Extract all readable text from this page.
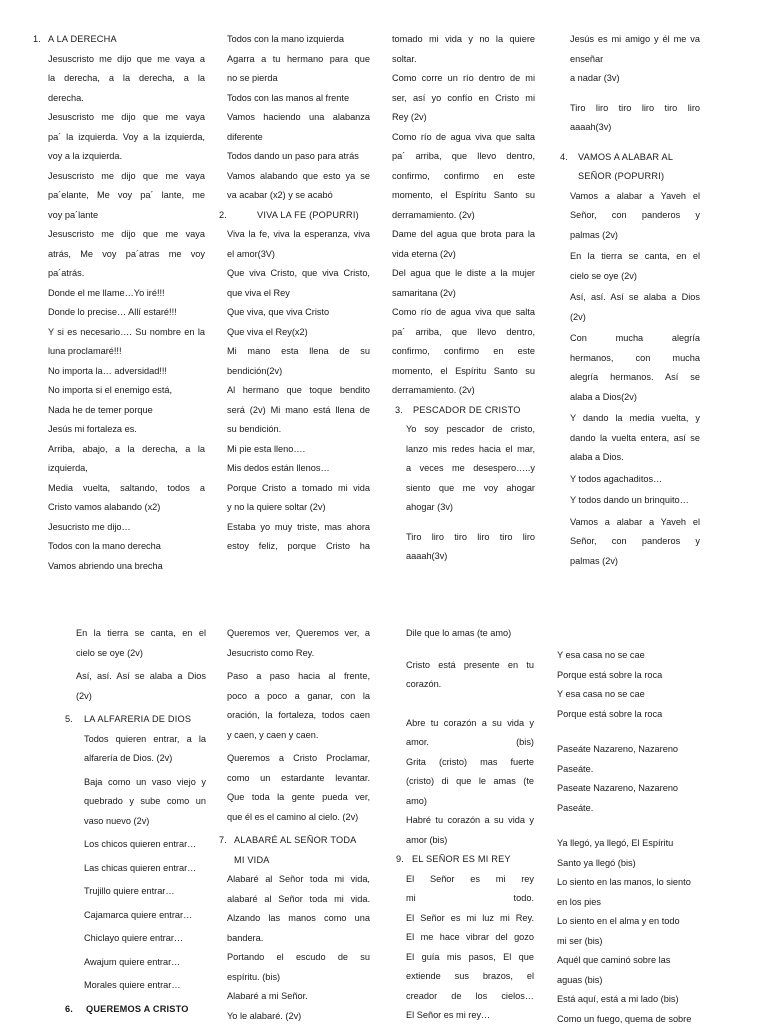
1. A LA DERECHA

Jesuscristo me dijo que me vaya a

la derecha, a la derecha, a la

derecha.

Jesuscristo me dijo que me vaya

pa´ la izquierda. Voy a la izquierda,

voy a la izquierda.

Jesuscristo me dijo que me vaya

pa´elante, Me voy pa´ lante, me

voy pa´lante

Jesuscristo me dijo que me vaya

atrás, Me voy pa´atras me voy

pa´atrás.

Donde el me llame…Yo iré!!!

Donde lo precise… Allí estaré!!!

Y si es necesario…. Su nombre en la

luna proclamaré!!!

No importa la… adversidad!!!

No importa si el enemigo está,

Nada he de temer porque

Jesús mi fortaleza es.

Arriba, abajo, a la derecha, a la

izquierda,

Media vuelta, saltando, todos a

Cristo vamos alabando (x2)

Jesucristo me dijo…

Todos con la mano derecha

Vamos abriendo una brecha

Todos con la mano izquierda

Agarra a tu hermano para que

no se pierda

Todos con las manos al frente

Vamos haciendo una alabanza

diferente

Todos dando un paso para atrás

Vamos alabando que esto ya se

va acabar (x2) y se acabó

2.	VIVA LA FE (POPURRI)

Viva la fe, viva la esperanza, viva

el amor(3V)

Que viva Cristo, que viva Cristo,

que viva el Rey

Que viva, que viva Cristo

Que viva el Rey(x2)

Mi mano esta llena de su

bendición(2v)

Al hermano que toque bendito

será (2v) Mi mano está llena de

su bendición.

Mi pie esta lleno….

Mis dedos están llenos…

Porque Cristo a tomado mi vida

y no la quiere soltar (2v)

Estaba yo muy triste, mas ahora

estoy feliz, porque Cristo ha

tomado mi vida y no la quiere

soltar.

Como corre un río dentro de mi

ser, así yo confío en Cristo mi

Rey (2v)

Como río de agua viva que salta

pa´ arriba, que llevo dentro,

confirmo, confirmo en este

momento, el Espíritu Santo su

derramamiento. (2v)

Dame del agua que brota para la

vida eterna (2v)

Del agua que le diste a la mujer

samaritana (2v)

Como río de agua viva que salta

pa´ arriba, que llevo dentro,

confirmo, confirmo en este

momento, el Espíritu Santo su

derramamiento. (2v)

3. PESCADOR DE CRISTO

Yo soy pescador de cristo,

lanzo mis redes hacia el mar,

a veces me desespero…..y

siento que me voy ahogar

ahogar (3v)

Tiro liro tiro liro tiro liro

aaaah(3v)

Jesús es mi amigo y él me va

enseñar

a nadar (3v)

Tiro liro tiro liro tiro liro

aaaah(3v)

4. VAMOS A ALABAR AL
SEÑOR (POPURRI)

Vamos a alabar a Yaveh el

Señor, con panderos y

palmas (2v)

En la tierra se canta, en el

cielo se oye (2v)

Así, así. Así se alaba a Dios

(2v)

Con mucha alegría

hermanos, con mucha

alegría hermanos. Así se

alaba a Dios(2v)

Y dando la media vuelta, y

dando la vuelta entera, así se

alaba a Dios.

Y todos agachaditos…

Y todos dando un brinquito…

Vamos a alabar a Yaveh el

Señor, con panderos y

palmas (2v)

En la tierra se canta, en el

cielo se oye (2v)

Así, así. Así se alaba a Dios

(2v)

5. LA ALFARERIA DE DIOS

Todos quieren entrar, a la

alfarería de Dios. (2v)

Baja como un vaso viejo y

quebrado y sube como un

vaso nuevo (2v)

Los chicos quieren entrar…

Las chicas quieren entrar…

Trujillo quiere entrar…

Cajamarca quiere entrar…

Chiclayo quiere entrar…

Awajum quiere entrar…

Morales quiere entrar…

6. QUEREMOS A CRISTO

Queremos ver, Queremos ver, a

Jesucristo como Rey.

Paso a paso hacia al frente,

poco a poco a ganar, con la

oración, la fortaleza, todos caen

y caen, y caen y caen.

Queremos a Cristo Proclamar,

como un estardante levantar.

Que toda la gente pueda ver,

que él es el camino al cielo. (2v)

7. ALABARÉ AL SEÑOR TODA
MI VIDA

Alabaré al Señor toda mi vida,

alabaré al Señor toda mi vida.

Alzando las manos como una

bandera.

Portando el escudo de su

espíritu. (bis)

Alabaré a mi Señor.

Yo le alabaré. (2v)

Dile que lo amas (te amo)

Cristo está presente en tu

corazón.

Abre tu corazón a su vida y

amor. (bis)

Grita (cristo) mas fuerte

(cristo) di que le amas (te

amo)

Habré tu corazón a su vida y

amor (bis)

9. EL SEÑOR ES MI REY

El Señor es mi rey

mi todo.

El Señor es mi luz mi Rey.

El me hace vibrar del gozo

El guía mis pasos, El que

extiende sus brazos, el

creador de los cielos…

El Señor es mi rey…

Y esa casa no se cae

Porque está sobre la roca

Y esa casa no se cae

Porque está sobre la roca

Paseáte Nazareno, Nazareno

Paseáte.

Paseate Nazareno, Nazareno

Paseáte.

Ya llegó, ya llegó, El Espíritu

Santo ya llegó (bis)

Lo siento en las manos, lo siento

en los pies

Lo siento en el alma y en todo

mi ser (bis)

Aquél que caminó sobre las

aguas (bis)

Está aquí, está a mi lado (bis)

Como un fuego, quema de sobre
